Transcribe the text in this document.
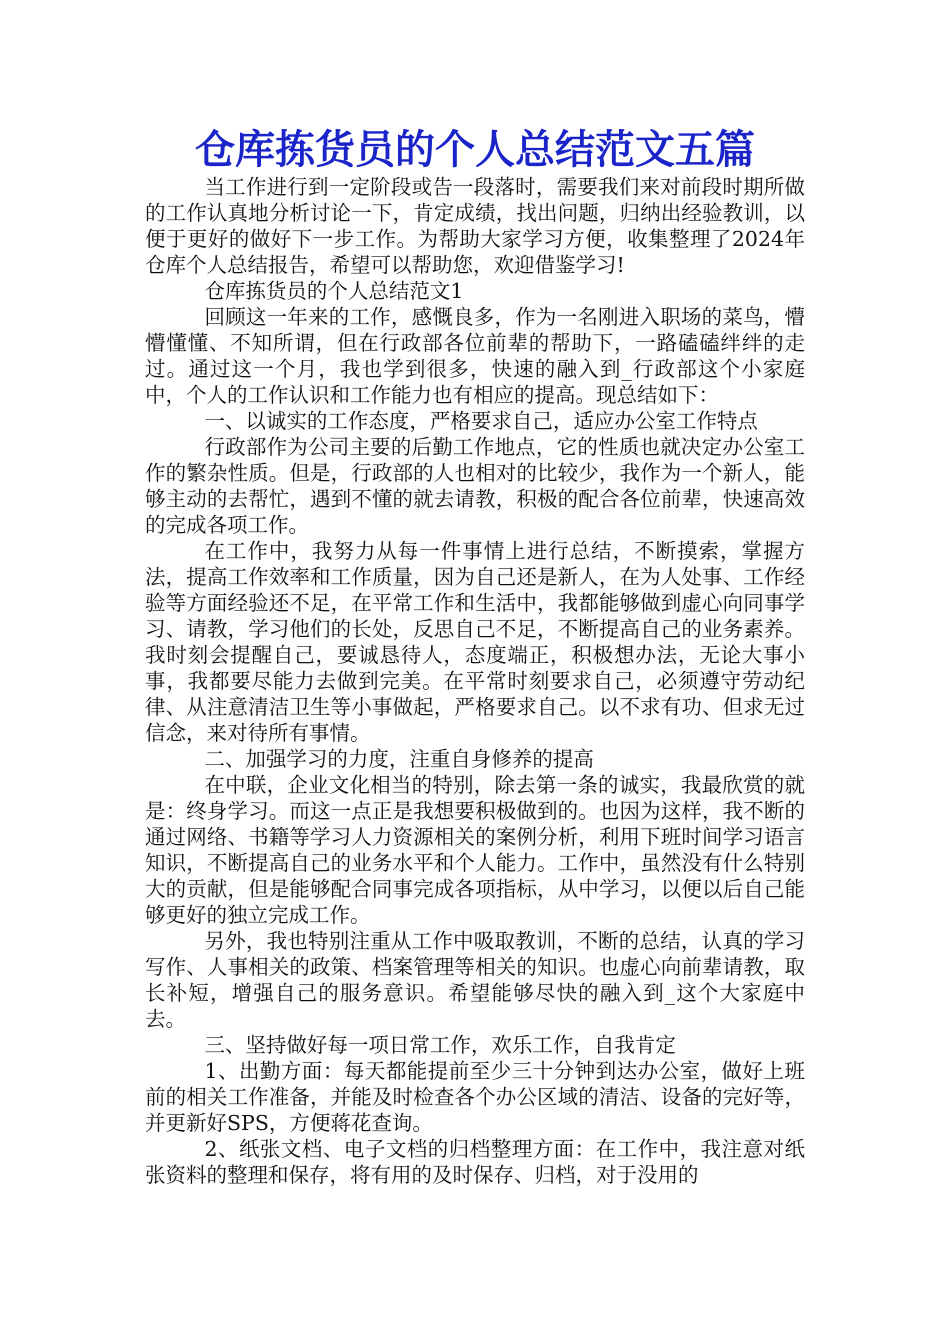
仓库拣货员的个人总结范文五篇

当工作进行到一定阶段或告一段落时，需要我们来对前段时期所做的工作认真地分析讨论一下，肯定成绩，找出问题，归纳出经验教训，以便于更好的做好下一步工作。为帮助大家学习方便，收集整理了2024年仓库个人总结报告，希望可以帮助您，欢迎借鉴学习!

仓库拣货员的个人总结范文1

回顾这一年来的工作，感慨良多，作为一名刚进入职场的菜鸟，懵懵懂懂、不知所谓，但在行政部各位前辈的帮助下，一路磕磕绊绊的走过。通过这一个月，我也学到很多，快速的融入到_行政部这个小家庭中，个人的工作认识和工作能力也有相应的提高。现总结如下：

一、以诚实的工作态度，严格要求自己，适应办公室工作特点

行政部作为公司主要的后勤工作地点，它的性质也就决定办公室工作的繁杂性质。但是，行政部的人也相对的比较少，我作为一个新人，能够主动的去帮忙，遇到不懂的就去请教，积极的配合各位前辈，快速高效的完成各项工作。

在工作中，我努力从每一件事情上进行总结，不断摸索，掌握方法，提高工作效率和工作质量，因为自己还是新人，在为人处事、工作经验等方面经验还不足，在平常工作和生活中，我都能够做到虚心向同事学习、请教，学习他们的长处，反思自己不足，不断提高自己的业务素养。我时刻会提醒自己，要诚恳待人，态度端正，积极想办法，无论大事小事，我都要尽能力去做到完美。在平常时刻要求自己，必须遵守劳动纪律、从注意清洁卫生等小事做起，严格要求自己。以不求有功、但求无过信念，来对待所有事情。

二、加强学习的力度，注重自身修养的提高

在中联，企业文化相当的特别，除去第一条的诚实，我最欣赏的就是：终身学习。而这一点正是我想要积极做到的。也因为这样，我不断的通过网络、书籍等学习人力资源相关的案例分析，利用下班时间学习语言知识，不断提高自己的业务水平和个人能力。工作中，虽然没有什么特别大的贡献，但是能够配合同事完成各项指标，从中学习，以便以后自己能够更好的独立完成工作。

另外，我也特别注重从工作中吸取教训，不断的总结，认真的学习写作、人事相关的政策、档案管理等相关的知识。也虚心向前辈请教，取长补短，增强自己的服务意识。希望能够尽快的融入到_这个大家庭中去。

三、坚持做好每一项日常工作，欢乐工作，自我肯定

1、出勤方面：每天都能提前至少三十分钟到达办公室，做好上班前的相关工作准备，并能及时检查各个办公区域的清洁、设备的完好等，并更新好SPS，方便蒋花查询。

2、纸张文档、电子文档的归档整理方面：在工作中，我注意对纸张资料的整理和保存，将有用的及时保存、归档，对于没用的
